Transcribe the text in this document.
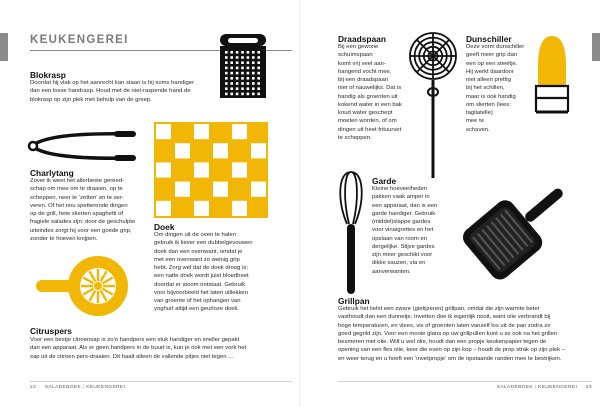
KEUKENGEREI
Blokrasp
Doordat hij vlak op het aanrecht kan staan is hij soms handiger
dan een losse handrasp. Houd met de niet-raspende hand de
blokrasp op zijn plek met behulp van de greep.
Charlytang
Zover ik weet het allerbeste gereed-
schap om mee om te draaien, op te
scheppen, neer te ‘zetten’ en te ser-
veren. Of het nou spetterende dingen
op de grill, hete slierten spaghetti of
fragiele salades zijn: door de geschulpte
uiteindes zorgt hij voor een goede grip,
zonder te hoeven knijpen.
Doek
Om dingen uit de oven te halen
gebruik ik liever een dubbelgevouwen
doek dan een ovenwant, omdat je
met een ovenwant zo weinig grip
hebt. Zorg wel dat de doek droog is;
een natte doek wordt juist bloedheet
doordat er stoom ontstaat. Gebruik
voor bijvoorbeeld het laten uitlekken
van groente of het ophangen van
yoghurt altijd een geurloze doek.
Citruspers
Voor een bestje citroensap is zo’n handpers een stuk handiger en sneller gepakt
dan een apparaat. Als er geen handpers in de buurt is, kun je ook met een vork het
sap uit de citroen pers-draaien. Dit haalt alleen de vallende pitjes niet tegen ...
22 SALADEBOEK | KEUKENGEREI
Draadspaan
Bij een gewone
schuimspaan
komt vrij veel aan-
hangend vocht mee,
bij een draadspaan
niet of nauwelijks. Dat is
handig als groenten uit
kokend water in een bak
koud water geschept
moeten worden, of om
dingen uit heet frituurvet
te scheppen.
Dunschiller
Deze vorm dunschiller
geeft meer grip dan
een op een steeltje.
Hij werkt daardoor
niet alleen prettig
bij het schillen,
maar is ook handig
om slierten (lees:
tagliatelle)
mee te
schaven.
Garde
Kleine hoeveelheden
pakken vaak amper in
een apparaat, dan is een
garde handiger. Gebruik
(middel)slappe gardes
voor vinaigrettes en het
opslaan van room en
dergelijke. Stijve gardes
zijn meer geschikt voor
dikke sauzen, via en
aanverwanten.
Grillpan
Gebruik het liefst een zware (gietijzeren) grillpan, omdat die zijn warmte beter
vasthoudt dan een dunnetje. Invetten doe ik eigenlijk nooit, want olie verbrandt bij
hoge temperaturen, en vlees, vis of groenten laten vanzelf los uit de pan zodra ze
goed gegrild zijn. Voor een mooie glans op uw grillpullen kunt u ze ook na het grillen
besmeren met olie. Wilt u wel olie, houdt dan een propje keukenpapier tegen de
opening van een fles olie, keer die even op zijn kop – houdt de prop strak op zijn plek –
en weer terug en u hoeft een ‘invetpropje’ om de opstaande randen mee te bestrijken.
SALADEBOEK | KEUKENGEREI 23
